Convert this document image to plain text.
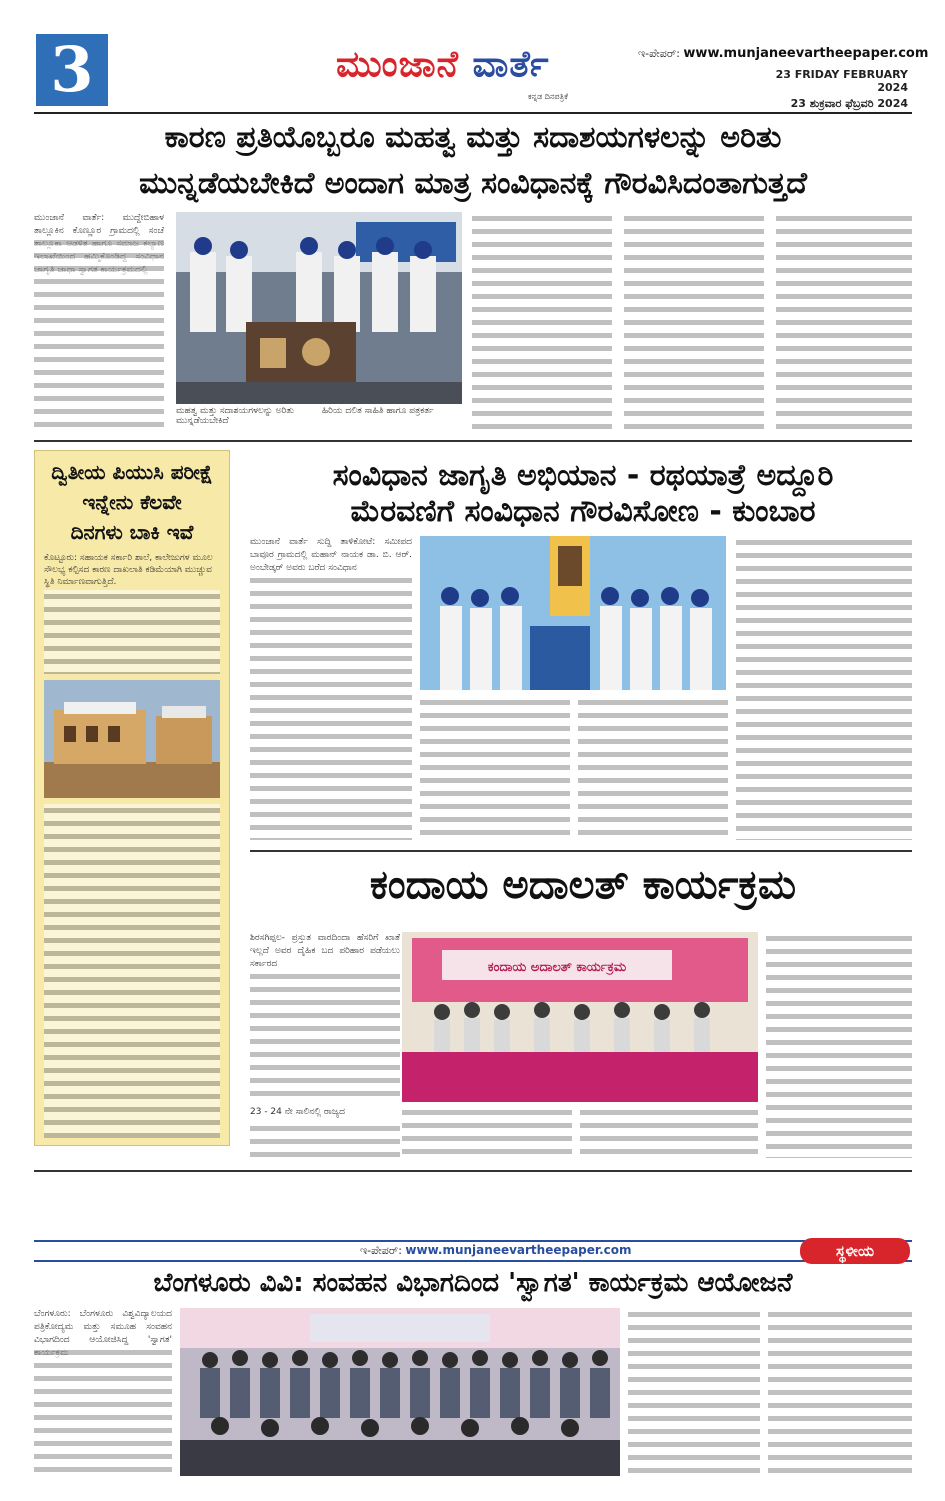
3	ಮುಂಜಾನೆ ವಾರ್ತೆ
ಕನ್ನಡ ದಿನಪತ್ರಿಕೆ
ಇ-ಪೇಪರ್: www.munjaneevartheepaper.com
23 FRIDAY FEBRUARY 2024
23 ಶುಕ್ರವಾರ ಫೆಬ್ರವರಿ 2024
ಕಾರಣ ಪ್ರತಿಯೊಬ್ಬರೂ ಮಹತ್ವ ಮತ್ತು ಸದಾಶಯಗಳಲನ್ನು ಅರಿತು
ಮುನ್ನಡೆಯಬೇಕಿದೆ ಅಂದಾಗ ಮಾತ್ರ ಸಂವಿಧಾನಕ್ಕೆ ಗೌರವಿಸಿದಂತಾಗುತ್ತದೆ
ಮುಂಜಾನೆ ವಾರ್ತೆ: ಮುದ್ದೇಬಿಹಾಳ ತಾಲ್ಲೂಕಿನ ಕೊಣ್ಣೂರ ಗ್ರಾಮದಲ್ಲಿ ಸಂಚೆ
ಮಹತ್ವ ಮತ್ತು ಸದಾಶಯಗಳಲನ್ನು ಅರಿತು ಮುನ್ನಡೆಯಬೇಕಿದೆ
ಹಿರಿಯ ದಲಿತ ಸಾಹಿತಿ ಹಾಗೂ ಪತ್ರಕರ್ತ
ದ್ವಿತೀಯ ಪಿಯುಸಿ ಪರೀಕ್ಷೆ
ಇನ್ನೇನು ಕೆಲವೇ
ದಿನಗಳು ಬಾಕಿ ಇವೆ
ಕೊಟ್ಟೂರು: ಸಹಾಯಕ ಸರ್ಕಾರಿ ಶಾಲೆ, ಕಾಲೇಜುಗಳ ಮೂಲ ಸೌಲಭ್ಯ ಕಲ್ಪಿಸದ ಕಾರಣ ದಾಖಲಾತಿ ಕಡಿಮೆಯಾಗಿ ಮುಚ್ಚುವ ಸ್ಥಿತಿ ನಿರ್ಮಾಣವಾಗುತ್ತಿದೆ.
ಸಂವಿಧಾನ ಜಾಗೃತಿ ಅಭಿಯಾನ - ರಥಯಾತ್ರೆ ಅದ್ದೂರಿ
ಮೆರವಣಿಗೆ ಸಂವಿಧಾನ ಗೌರವಿಸೋಣ - ಕುಂಬಾರ
ಮುಂಜಾನೆ ವಾರ್ತೆ ಸುದ್ದಿ ತಾಳಿಕೋಟೆ: ಸಮೀಪದ ಬಾವೂರ ಗ್ರಾಮದಲ್ಲಿ ಮಹಾನ್ ನಾಯಕ ಡಾ. ಬಿ. ಆರ್. ಅಂಬೇಡ್ಕರ್ ಅವರು ಬರೆದ ಸಂವಿಧಾನ
ಕಂದಾಯ ಅದಾಲತ್ ಕಾರ್ಯಕ್ರಮ
ಶಿರಸಗಿಪ್ಪಲ- ಪ್ರಸ್ತುತ ವಾರದಿಂದಾ ಹೆಸರಿಗೆ ಖಾತೆ ಇಲ್ಲದೆ ಅವರ ದೈಹಿಕ ಬದ ಪರಿಹಾರ ಪಡೆಯಲು ಸರ್ಕಾರದ	ಕಂದಾಯ ಅದಾಲತ್ ಕಾರ್ಯಕ್ರಮ
23 - 24 ನೇ ಸಾಲಿನಲ್ಲಿ ರಾಜ್ಯದ
ಇ-ಪೇಪರ್: www.munjaneevartheepaper.com	ಸ್ಥಳೀಯ
ಬೆಂಗಳೂರು ವಿವಿ: ಸಂವಹನ ವಿಭಾಗದಿಂದ 'ಸ್ವಾಗತ' ಕಾರ್ಯಕ್ರಮ ಆಯೋಜನೆ
ಬೆಂಗಳೂರು: ಬೆಂಗಳೂರು ವಿಶ್ವವಿದ್ಯಾಲಯದ ಪತ್ರಿಕೋದ್ಯಮ ಮತ್ತು ಸಮೂಹ ಸಂವಹನ ವಿಭಾಗದಿಂದ ಆಯೋಜಿಸಿದ್ದ 'ಸ್ವಾಗತ'
